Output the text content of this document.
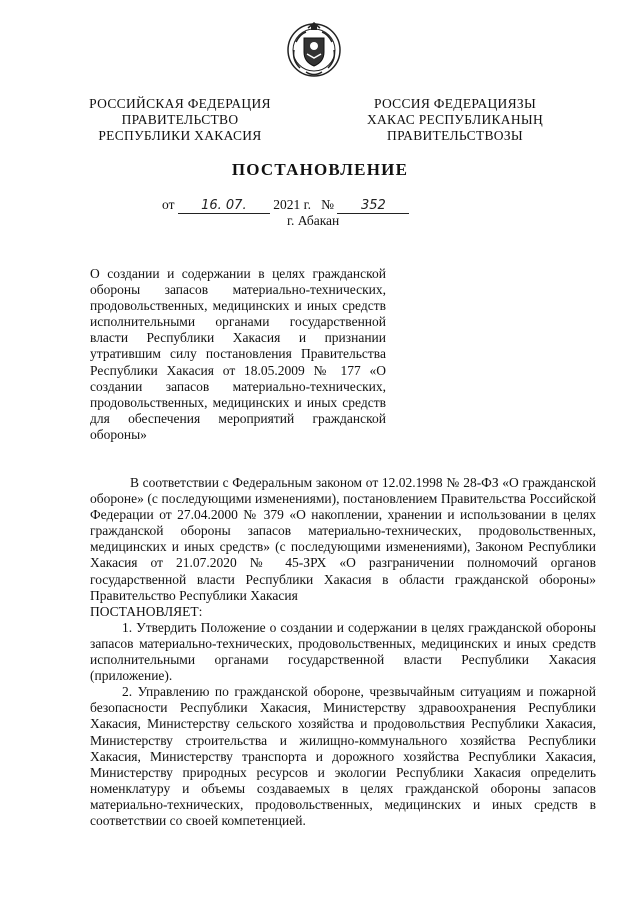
РОССИЙСКАЯ ФЕДЕРАЦИЯ
ПРАВИТЕЛЬСТВО
РЕСПУБЛИКИ ХАКАСИЯ
РОССИЯ ФЕДЕРАЦИЯЗЫ
ХАКАС РЕСПУБЛИКАНЫҢ
ПРАВИТЕЛЬСТВОЗЫ
ПОСТАНОВЛЕНИЕ
от 16. 07. 2021 г. № 352
г. Абакан
О создании и содержании в целях гражданской обороны запасов материально-технических, продовольственных, медицинских и иных средств исполнительными органами государственной власти Республики Хакасия и признании утратившим силу постановления Правительства Республики Хакасия от 18.05.2009 № 177 «О создании запасов материально-технических, продовольственных, медицинских и иных средств для обеспечения мероприятий гражданской обороны»

В соответствии с Федеральным законом от 12.02.1998 № 28-ФЗ «О гражданской обороне» (с последующими изменениями), постановлением Правительства Российской Федерации от 27.04.2000 № 379 «О накоплении, хранении и использовании в целях гражданской обороны запасов материально-технических, продовольственных, медицинских и иных средств» (с последующими изменениями), Законом Республики Хакасия от 21.07.2020 № 45-ЗРХ «О разграничении полномочий органов государственной власти Республики Хакасия в области гражданской обороны» Правительство Республики Хакасия

ПОСТАНОВЛЯЕТ:

1. Утвердить Положение о создании и содержании в целях гражданской обороны запасов материально-технических, продовольственных, медицинских и иных средств исполнительными органами государственной власти Республики Хакасия (приложение).

2. Управлению по гражданской обороне, чрезвычайным ситуациям и пожарной безопасности Республики Хакасия, Министерству здравоохранения Республики Хакасия, Министерству сельского хозяйства и продовольствия Республики Хакасия, Министерству строительства и жилищно-коммунального хозяйства Республики Хакасия, Министерству транспорта и дорожного хозяйства Республики Хакасия, Министерству природных ресурсов и экологии Республики Хакасия определить номенклатуру и объемы создаваемых в целях гражданской обороны запасов материально-технических, продовольственных, медицинских и иных средств в соответствии со своей компетенцией.
